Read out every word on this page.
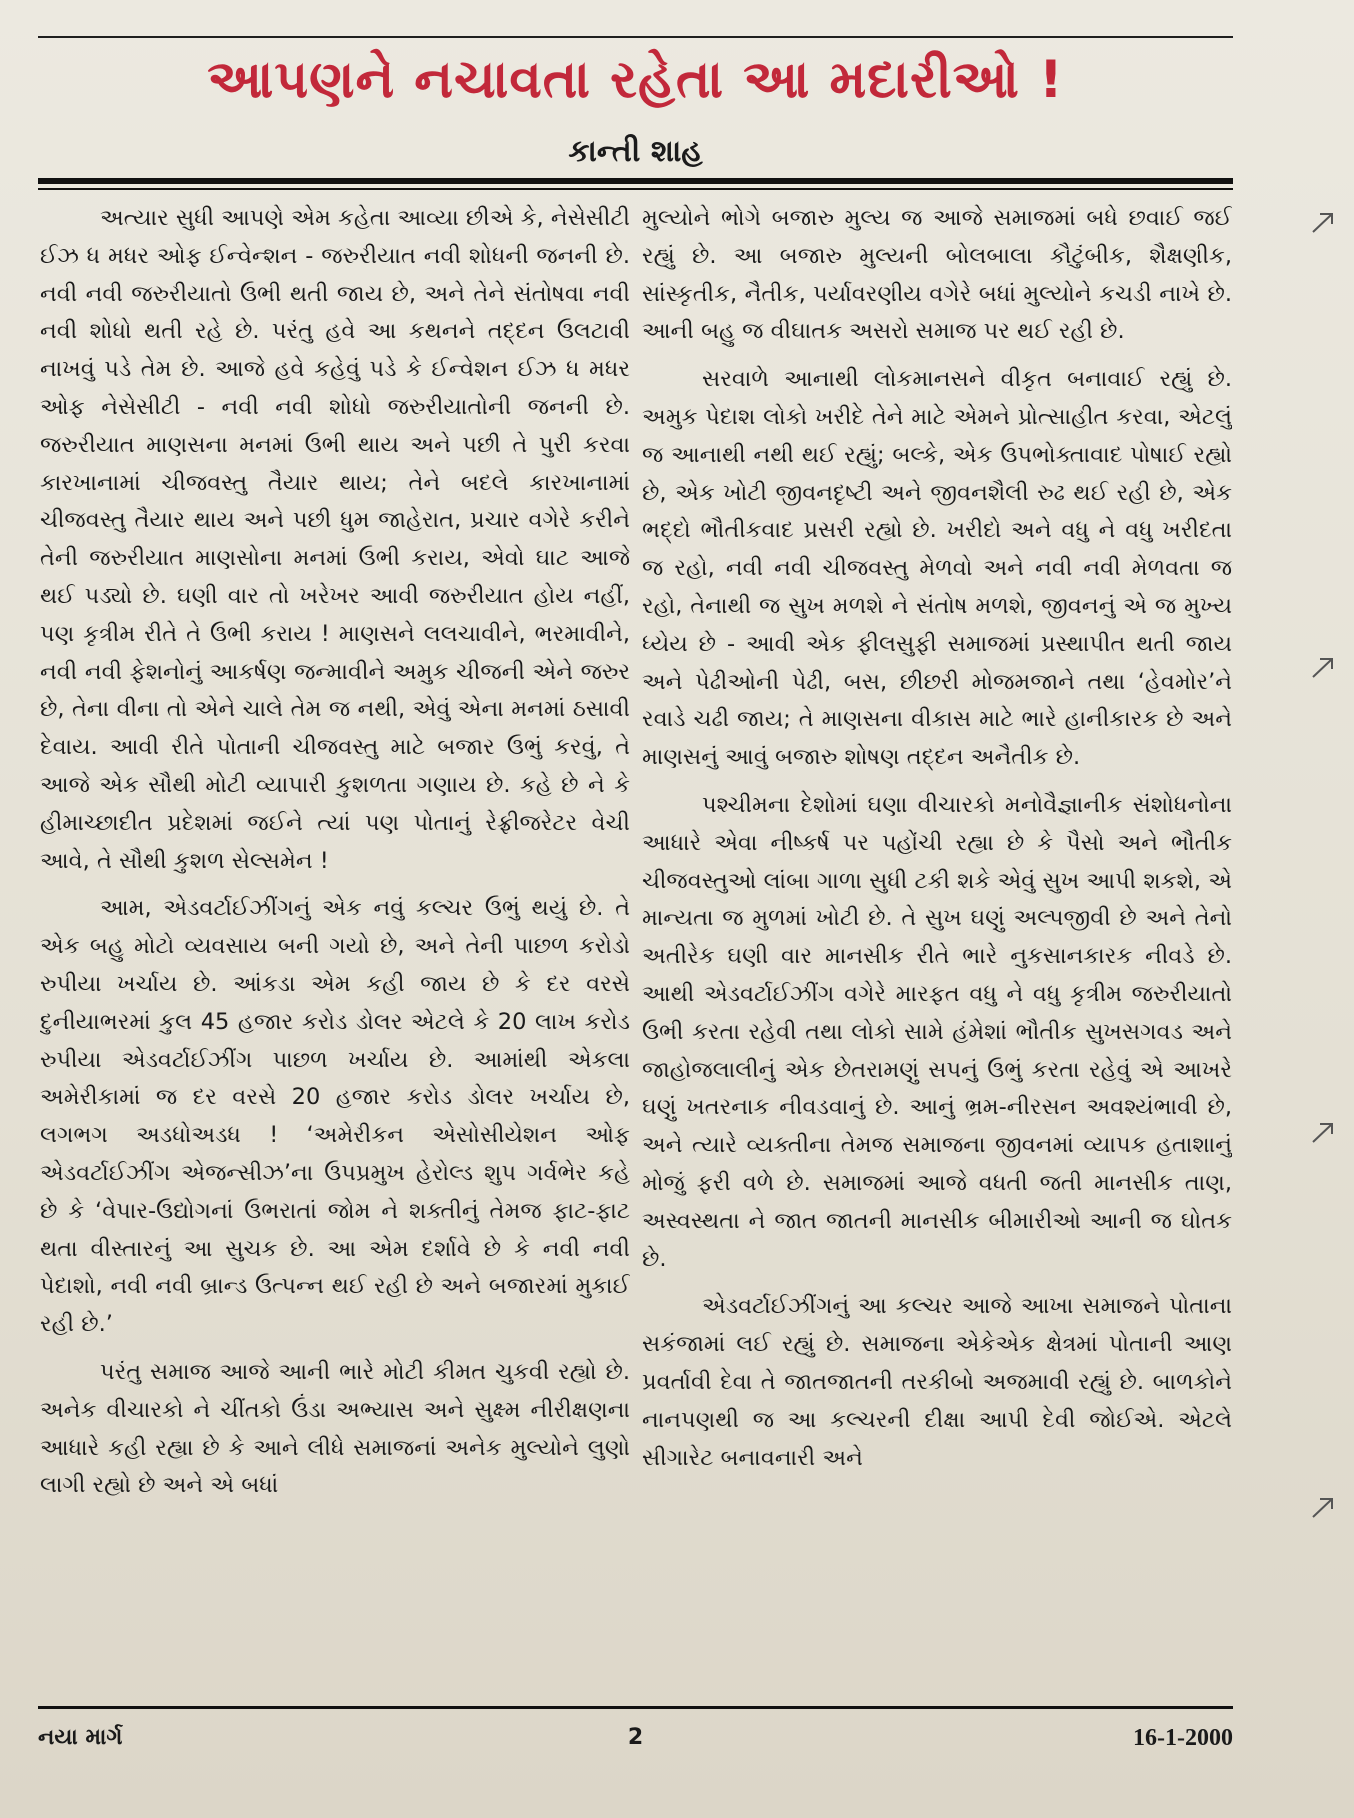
આપણને નચાવતા રહેતા આ મદારીઓ !
કાન્તી શાહ

અત્યાર સુધી આપણે એમ કહેતા આવ્યા છીએ કે, નેસેસીટી ઈઝ ધ મધર ઓફ ઈન્વેન્શન - જરુરીયાત નવી શોધની જનની છે. નવી નવી જરુરીયાતો ઉભી થતી જાય છે, અને તેને સંતોષવા નવી નવી શોધો થતી રહે છે. પરંતુ હવે આ કથનને તદ્દન ઉલટાવી નાખવું પડે તેમ છે. આજે હવે કહેવું પડે કે ઈન્વેશન ઈઝ ધ મધર ઓફ નેસેસીટી - નવી નવી શોધો જરુરીયાતોની જનની છે. જરુરીયાત માણસના મનમાં ઉભી થાય અને પછી તે પુરી કરવા કારખાનામાં ચીજવસ્તુ તૈયાર થાય; તેને બદલે કારખાનામાં ચીજવસ્તુ તૈયાર થાય અને પછી ધુમ જાહેરાત, પ્રચાર વગેરે કરીને તેની જરુરીયાત માણસોના મનમાં ઉભી કરાય, એવો ઘાટ આજે થઈ પડ્યો છે. ઘણી વાર તો ખરેખર આવી જરુરીયાત હોય નહીં, પણ કૃત્રીમ રીતે તે ઉભી કરાય ! માણસને લલચાવીને, ભરમાવીને, નવી નવી ફેશનોનું આકર્ષણ જન્માવીને અમુક ચીજની એને જરુર છે, તેના વીના તો એને ચાલે તેમ જ નથી, એવું એના મનમાં ઠસાવી દેવાય. આવી રીતે પોતાની ચીજવસ્તુ માટે બજાર ઉભું કરવું, તે આજે એક સૌથી મોટી વ્યાપારી કુશળતા ગણાય છે. કહે છે ને કે હીમાચ્છાદીત પ્રદેશમાં જઈને ત્યાં પણ પોતાનું રેફ્રીજરેટર વેચી આવે, તે સૌથી કુશળ સેલ્સમેન !

આમ, એડવર્ટાઈઝીંગનું એક નવું કલ્ચર ઉભું થયું છે. તે એક બહુ મોટો વ્યવસાય બની ગયો છે, અને તેની પાછળ કરોડો રુપીયા ખર્ચાય છે. આંકડા એમ કહી જાય છે કે દર વરસે દુનીયાભરમાં કુલ 45 હજાર કરોડ ડોલર એટલે કે 20 લાખ કરોડ રુપીયા એડવર્ટાઈઝીંગ પાછળ ખર્ચાય છે. આમાંથી એકલા અમેરીકામાં જ દર વરસે 20 હજાર કરોડ ડોલર ખર્ચાય છે, લગભગ અડધોઅડધ ! ‘અમેરીકન એસોસીયેશન ઓફ એડવર્ટાઈઝીંગ એજન્સીઝ’ના ઉપપ્રમુખ હેરોલ્ડ શુપ ગર્વભેર કહે છે કે ‘વેપાર-ઉદ્યોગનાં ઉભરાતાં જોમ ને શક્તીનું તેમજ ફાટ-ફાટ થતા વીસ્તારનું આ સુચક છે. આ એમ દર્શાવે છે કે નવી નવી પેદાશો, નવી નવી બ્રાન્ડ ઉત્પન્ન થઈ રહી છે અને બજારમાં મુકાઈ રહી છે.’

પરંતુ સમાજ આજે આની ભારે મોટી કીમત ચુકવી રહ્યો છે. અનેક વીચારકો ને ચીંતકો ઉંડા અભ્યાસ અને સુક્ષ્મ નીરીક્ષણના આધારે કહી રહ્યા છે કે આને લીધે સમાજનાં અનેક મુલ્યોને લુણો લાગી રહ્યો છે અને એ બધાં

મુલ્યોને ભોગે બજારુ મુલ્ય જ આજે સમાજમાં બધે છવાઈ જઈ રહ્યું છે. આ બજારુ મુલ્યની બોલબાલા કૌટુંબીક, શૈક્ષણીક, સાંસ્કૃતીક, નૈતીક, પર્યાવરણીય વગેરે બધાં મુલ્યોને કચડી નાખે છે. આની બહુ જ વીઘાતક અસરો સમાજ પર થઈ રહી છે.

સરવાળે આનાથી લોકમાનસને વીકૃત બનાવાઈ રહ્યું છે. અમુક પેદાશ લોકો ખરીદે તેને માટે એમને પ્રોત્સાહીત કરવા, એટલું જ આનાથી નથી થઈ રહ્યું; બલ્કે, એક ઉપભોક્તાવાદ પોષાઈ રહ્યો છે, એક ખોટી જીવનદૃષ્ટી અને જીવનશૈલી રુઢ થઈ રહી છે, એક ભદ્દો ભૌતીકવાદ પ્રસરી રહ્યો છે. ખરીદો અને વધુ ને વધુ ખરીદતા જ રહો, નવી નવી ચીજવસ્તુ મેળવો અને નવી નવી મેળવતા જ રહો, તેનાથી જ સુખ મળશે ને સંતોષ મળશે, જીવનનું એ જ મુખ્ય ધ્યેય છે - આવી એક ફીલસુફી સમાજમાં પ્રસ્થાપીત થતી જાય અને પેઢીઓની પેઢી, બસ, છીછરી મોજમજાને તથા ‘હેવમોર’ને રવાડે ચઢી જાય; તે માણસના વીકાસ માટે ભારે હાનીકારક છે અને માણસનું આવું બજારુ શોષણ તદ્દન અનૈતીક છે.

પશ્ચીમના દેશોમાં ઘણા વીચારકો મનોવૈજ્ઞાનીક સંશોધનોના આધારે એવા નીષ્કર્ષ પર પહોંચી રહ્યા છે કે પૈસો અને ભૌતીક ચીજવસ્તુઓ લાંબા ગાળા સુધી ટકી શકે એવું સુખ આપી શકશે, એ માન્યતા જ મુળમાં ખોટી છે. તે સુખ ઘણું અલ્પજીવી છે અને તેનો અતીરેક ઘણી વાર માનસીક રીતે ભારે નુકસાનકારક નીવડે છે. આથી એડવર્ટાઈઝીંગ વગેરે મારફત વધુ ને વધુ કૃત્રીમ જરુરીયાતો ઉભી કરતા રહેવી તથા લોકો સામે હંમેશાં ભૌતીક સુખસગવડ અને જાહોજલાલીનું એક છેતરામણું સપનું ઉભું કરતા રહેવું એ આખરે ઘણું ખતરનાક નીવડવાનું છે. આનું ભ્રમ-નીરસન અવશ્યંભાવી છે, અને ત્યારે વ્યક્તીના તેમજ સમાજના જીવનમાં વ્યાપક હતાશાનું મોજું ફરી વળે છે. સમાજમાં આજે વધતી જતી માનસીક તાણ, અસ્વસ્થતા ને જાત જાતની માનસીક બીમારીઓ આની જ ઘોતક છે.

એડવર્ટાઈઝીંગનું આ કલ્ચર આજે આખા સમાજને પોતાના સકંજામાં લઈ રહ્યું છે. સમાજના એકેએક ક્ષેત્રમાં પોતાની આણ પ્રવર્તાવી દેવા તે જાતજાતની તરકીબો અજમાવી રહ્યું છે. બાળકોને નાનપણથી જ આ કલ્ચરની દીક્ષા આપી દેવી જોઈએ. એટલે સીગારેટ બનાવનારી અને

નયા માર્ગ	2	16-1-2000
